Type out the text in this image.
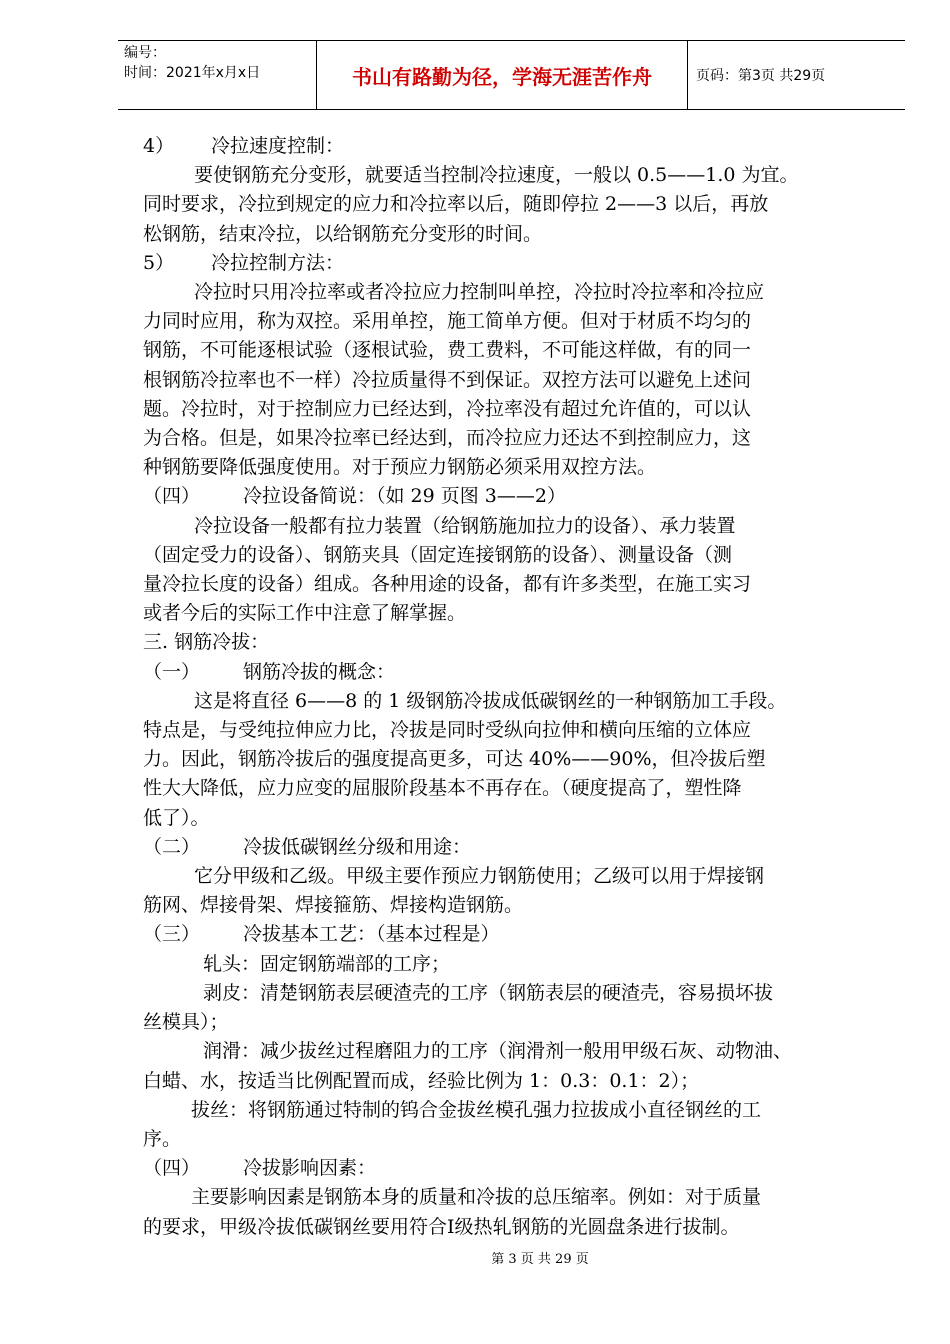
编号：
时间：2021年x月x日	书山有路勤为径，学海无涯苦作舟	页码：第3页 共29页

4） 冷拉速度控制：

要使钢筋充分变形，就要适当控制冷拉速度，一般以 0.5——1.0 为宜。

同时要求，冷拉到规定的应力和冷拉率以后，随即停拉 2——3 以后，再放

松钢筋，结束冷拉，以给钢筋充分变形的时间。

5） 冷拉控制方法：

冷拉时只用冷拉率或者冷拉应力控制叫单控，冷拉时冷拉率和冷拉应

力同时应用，称为双控。采用单控，施工简单方便。但对于材质不均匀的

钢筋，不可能逐根试验（逐根试验，费工费料，不可能这样做，有的同一

根钢筋冷拉率也不一样）冷拉质量得不到保证。双控方法可以避免上述问

题。冷拉时，对于控制应力已经达到，冷拉率没有超过允许值的，可以认

为合格。但是，如果冷拉率已经达到，而冷拉应力还达不到控制应力，这

种钢筋要降低强度使用。对于预应力钢筋必须采用双控方法。

（四） 冷拉设备简说：（如 29 页图 3——2）

冷拉设备一般都有拉力装置（给钢筋施加拉力的设备）、承力装置

（固定受力的设备）、钢筋夹具（固定连接钢筋的设备）、测量设备（测

量冷拉长度的设备）组成。各种用途的设备，都有许多类型，在施工实习

或者今后的实际工作中注意了解掌握。

三. 钢筋冷拔：

（一） 钢筋冷拔的概念：

这是将直径 6——8 的 1 级钢筋冷拔成低碳钢丝的一种钢筋加工手段。

特点是，与受纯拉伸应力比，冷拔是同时受纵向拉伸和横向压缩的立体应

力。因此，钢筋冷拔后的强度提高更多，可达 40%——90%，但冷拔后塑

性大大降低，应力应变的屈服阶段基本不再存在。（硬度提高了，塑性降

低了）。

（二） 冷拔低碳钢丝分级和用途：

它分甲级和乙级。甲级主要作预应力钢筋使用；乙级可以用于焊接钢

筋网、焊接骨架、焊接箍筋、焊接构造钢筋。

（三） 冷拔基本工艺：（基本过程是）

轧头：固定钢筋端部的工序；

剥皮：清楚钢筋表层硬渣壳的工序（钢筋表层的硬渣壳，容易损坏拔

丝模具）；

润滑：减少拔丝过程磨阻力的工序（润滑剂一般用甲级石灰、动物油、

白蜡、水，按适当比例配置而成，经验比例为 1：0.3：0.1：2）；

拔丝：将钢筋通过特制的钨合金拔丝模孔强力拉拔成小直径钢丝的工

序。

（四） 冷拔影响因素：

主要影响因素是钢筋本身的质量和冷拔的总压缩率。例如：对于质量

的要求，甲级冷拔低碳钢丝要用符合Ⅰ级热轧钢筋的光圆盘条进行拔制。

第 3 页 共 29 页
